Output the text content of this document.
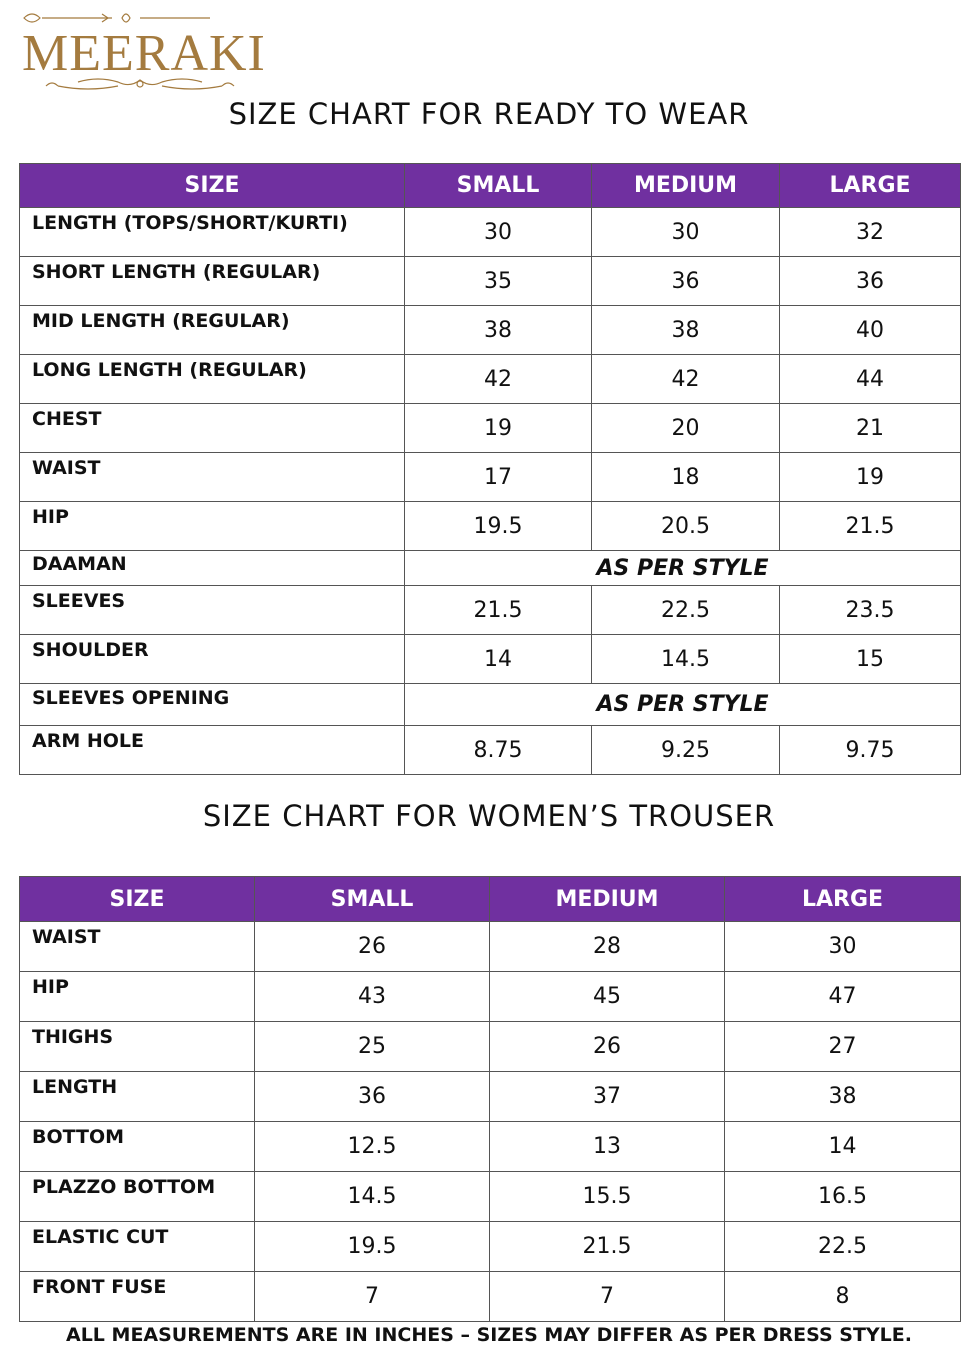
MEERAKI
SIZE CHART FOR READY TO WEAR
SIZE	SMALL	MEDIUM	LARGE
LENGTH (TOPS/SHORT/KURTI)	30	30	32
SHORT LENGTH (REGULAR)	35	36	36
MID LENGTH (REGULAR)	38	38	40
LONG LENGTH (REGULAR)	42	42	44
CHEST	19	20	21
WAIST	17	18	19
HIP	19.5	20.5	21.5
DAAMAN	AS PER STYLE		
SLEEVES	21.5	22.5	23.5
SHOULDER	14	14.5	15
SLEEVES OPENING	AS PER STYLE		
ARM HOLE	8.75	9.25	9.75
SIZE CHART FOR WOMEN’S TROUSER
SIZE	SMALL	MEDIUM	LARGE
WAIST	26	28	30
HIP	43	45	47
THIGHS	25	26	27
LENGTH	36	37	38
BOTTOM	12.5	13	14
PLAZZO BOTTOM	14.5	15.5	16.5
ELASTIC CUT	19.5	21.5	22.5
FRONT FUSE	7	7	8
ALL MEASUREMENTS ARE IN INCHES – SIZES MAY DIFFER AS PER DRESS STYLE.
